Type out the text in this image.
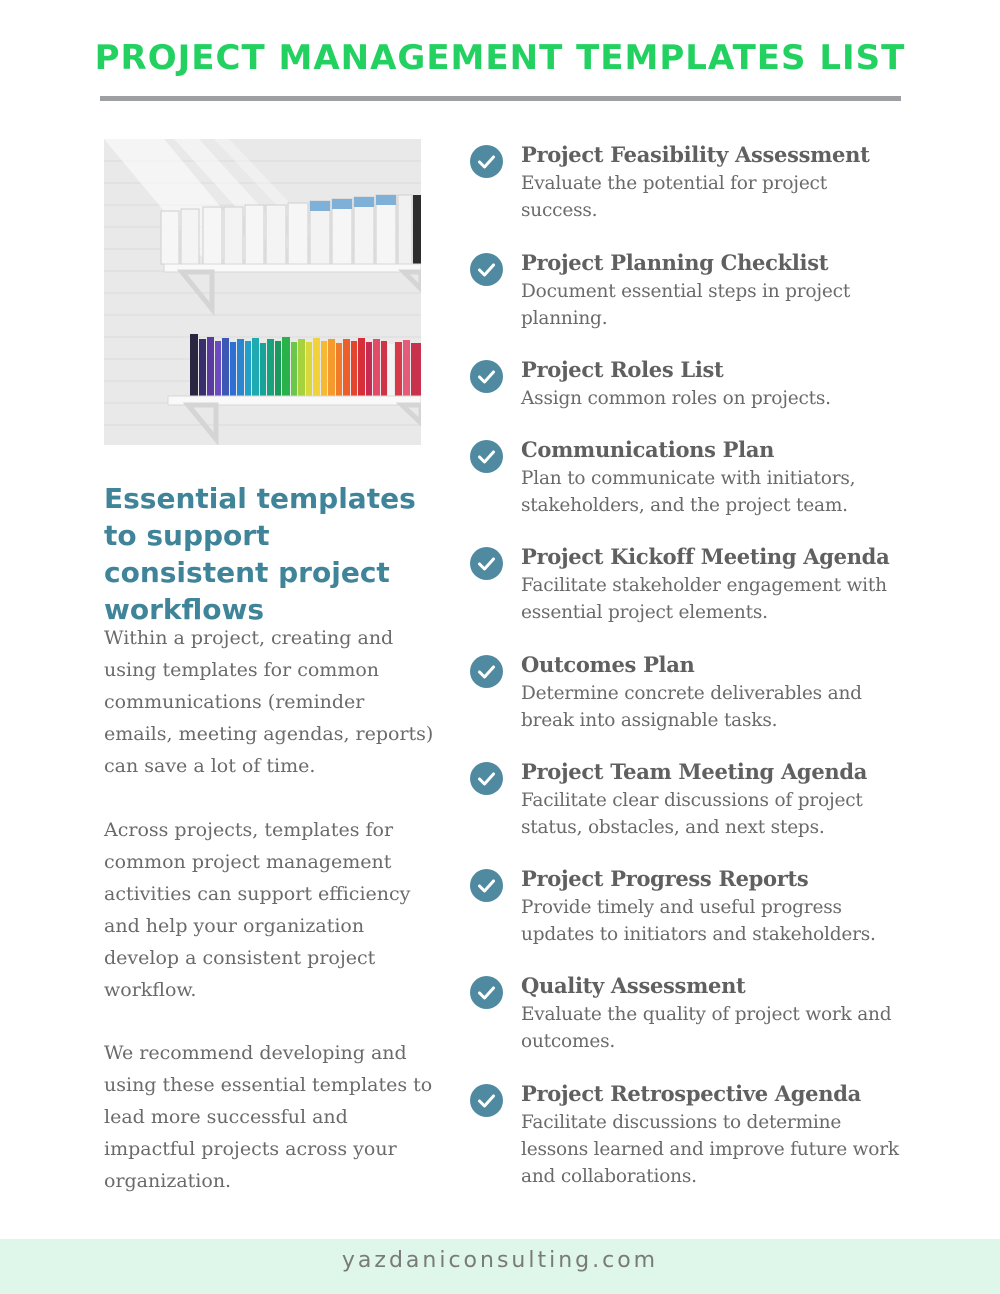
PROJECT MANAGEMENT TEMPLATES LIST
Essential templates to support consistent project workflows

Within a project, creating and using templates for common communications (reminder emails, meeting agendas, reports) can save a lot of time.

Across projects, templates for common project management activities can support efficiency and help your organization develop a consistent project workflow.

We recommend developing and using these essential templates to lead more successful and impactful projects across your organization.

Project Feasibility Assessment
Evaluate the potential for project success.
Project Planning Checklist
Document essential steps in project planning.
Project Roles List
Assign common roles on projects.
Communications Plan
Plan to communicate with initiators, stakeholders, and the project team.
Project Kickoff Meeting Agenda
Facilitate stakeholder engagement with essential project elements.
Outcomes Plan
Determine concrete deliverables and break into assignable tasks.
Project Team Meeting Agenda
Facilitate clear discussions of project status, obstacles, and next steps.
Project Progress Reports
Provide timely and useful progress updates to initiators and stakeholders.
Quality Assessment
Evaluate the quality of project work and outcomes.
Project Retrospective Agenda
Facilitate discussions to determine lessons learned and improve future work and collaborations.
yazdaniconsulting.com
